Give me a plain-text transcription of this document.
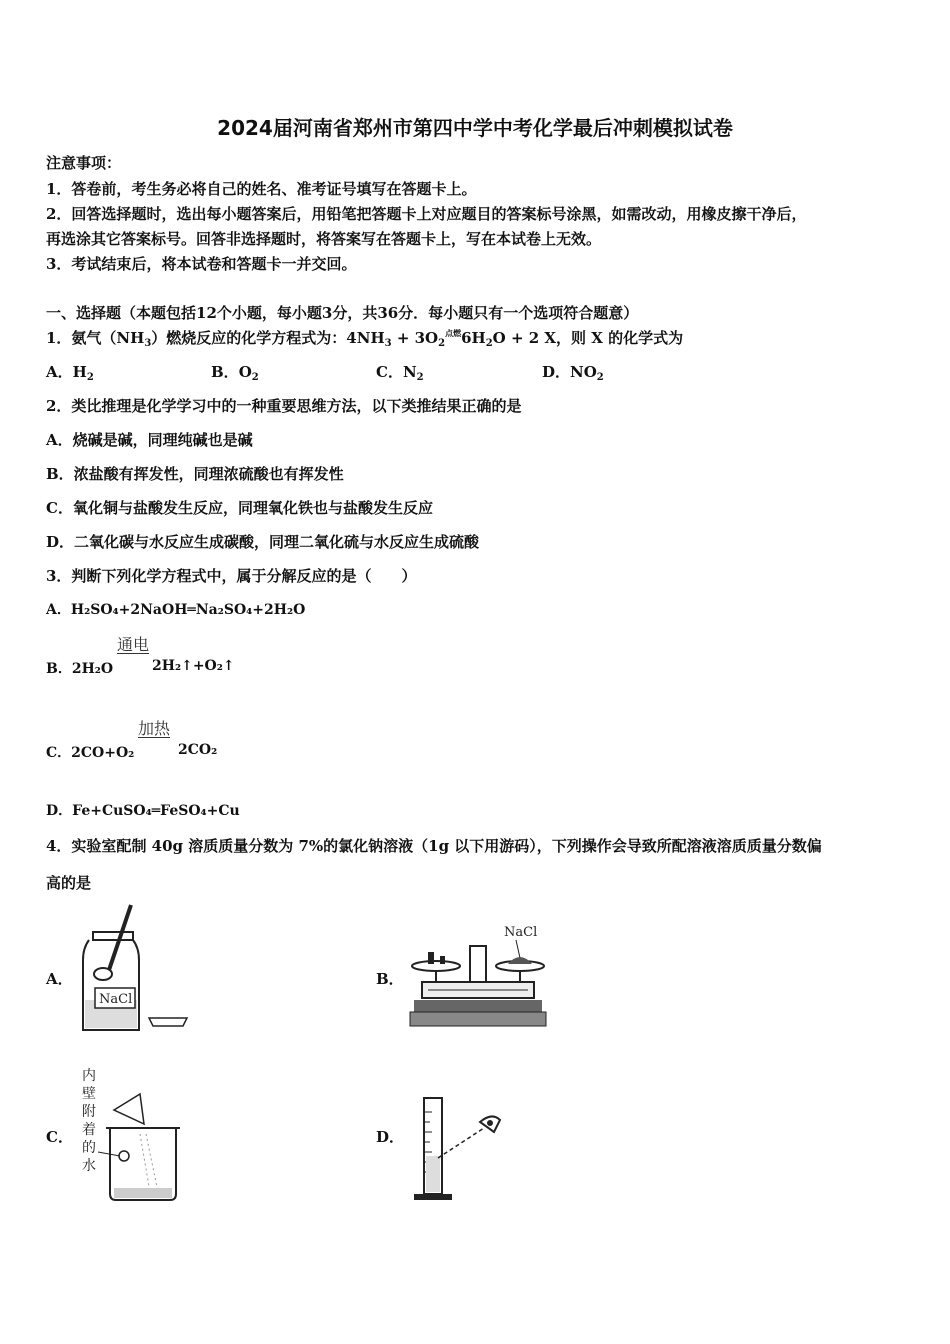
2024届河南省郑州市第四中学中考化学最后冲刺模拟试卷
注意事项：
1．答卷前，考生务必将自己的姓名、准考证号填写在答题卡上。
2．回答选择题时，选出每小题答案后，用铅笔把答题卡上对应题目的答案标号涂黑，如需改动，用橡皮擦干净后，
再选涂其它答案标号。回答非选择题时，将答案写在答题卡上，写在本试卷上无效。
3．考试结束后，将本试卷和答题卡一并交回。
一、选择题（本题包括12个小题，每小题3分，共36分．每小题只有一个选项符合题意）
1．氨气$(NH_3)$燃烧反应的化学方程式为：$4NH_3 + 3O_2^{点燃}6H_2O + 2$ X，则 X 的化学式为
A．$H_2$	B．$O_2$	C．$N_2$	D．$NO_2$
2．类比推理是化学学习中的一种重要思维方法，以下类推结果正确的是
A．烧碱是碱，同理纯碱也是碱
B．浓盐酸有挥发性，同理浓硫酸也有挥发性
C．氧化铜与盐酸发生反应，同理氧化铁也与盐酸发生反应
D．二氧化碳与水反应生成碳酸，同理二氧化硫与水反应生成硫酸
3．判断下列化学方程式中，属于分解反应的是（　　）
A．H₂SO₄+2NaOH═Na₂SO₄+2H₂O
通电
B．2H₂O	2H₂↑+O₂↑
加热
C．2CO+O₂	2CO₂
D．Fe+CuSO₄═FeSO₄+Cu
4．实验室配制 40g 溶质质量分数为 7%的氯化钠溶液（1g 以下用游码），下列操作会导致所配溶液溶质质量分数偏
高的是
A．	B．
C．	D．
NaCl
NaCl
内
壁
附
着
的
水
